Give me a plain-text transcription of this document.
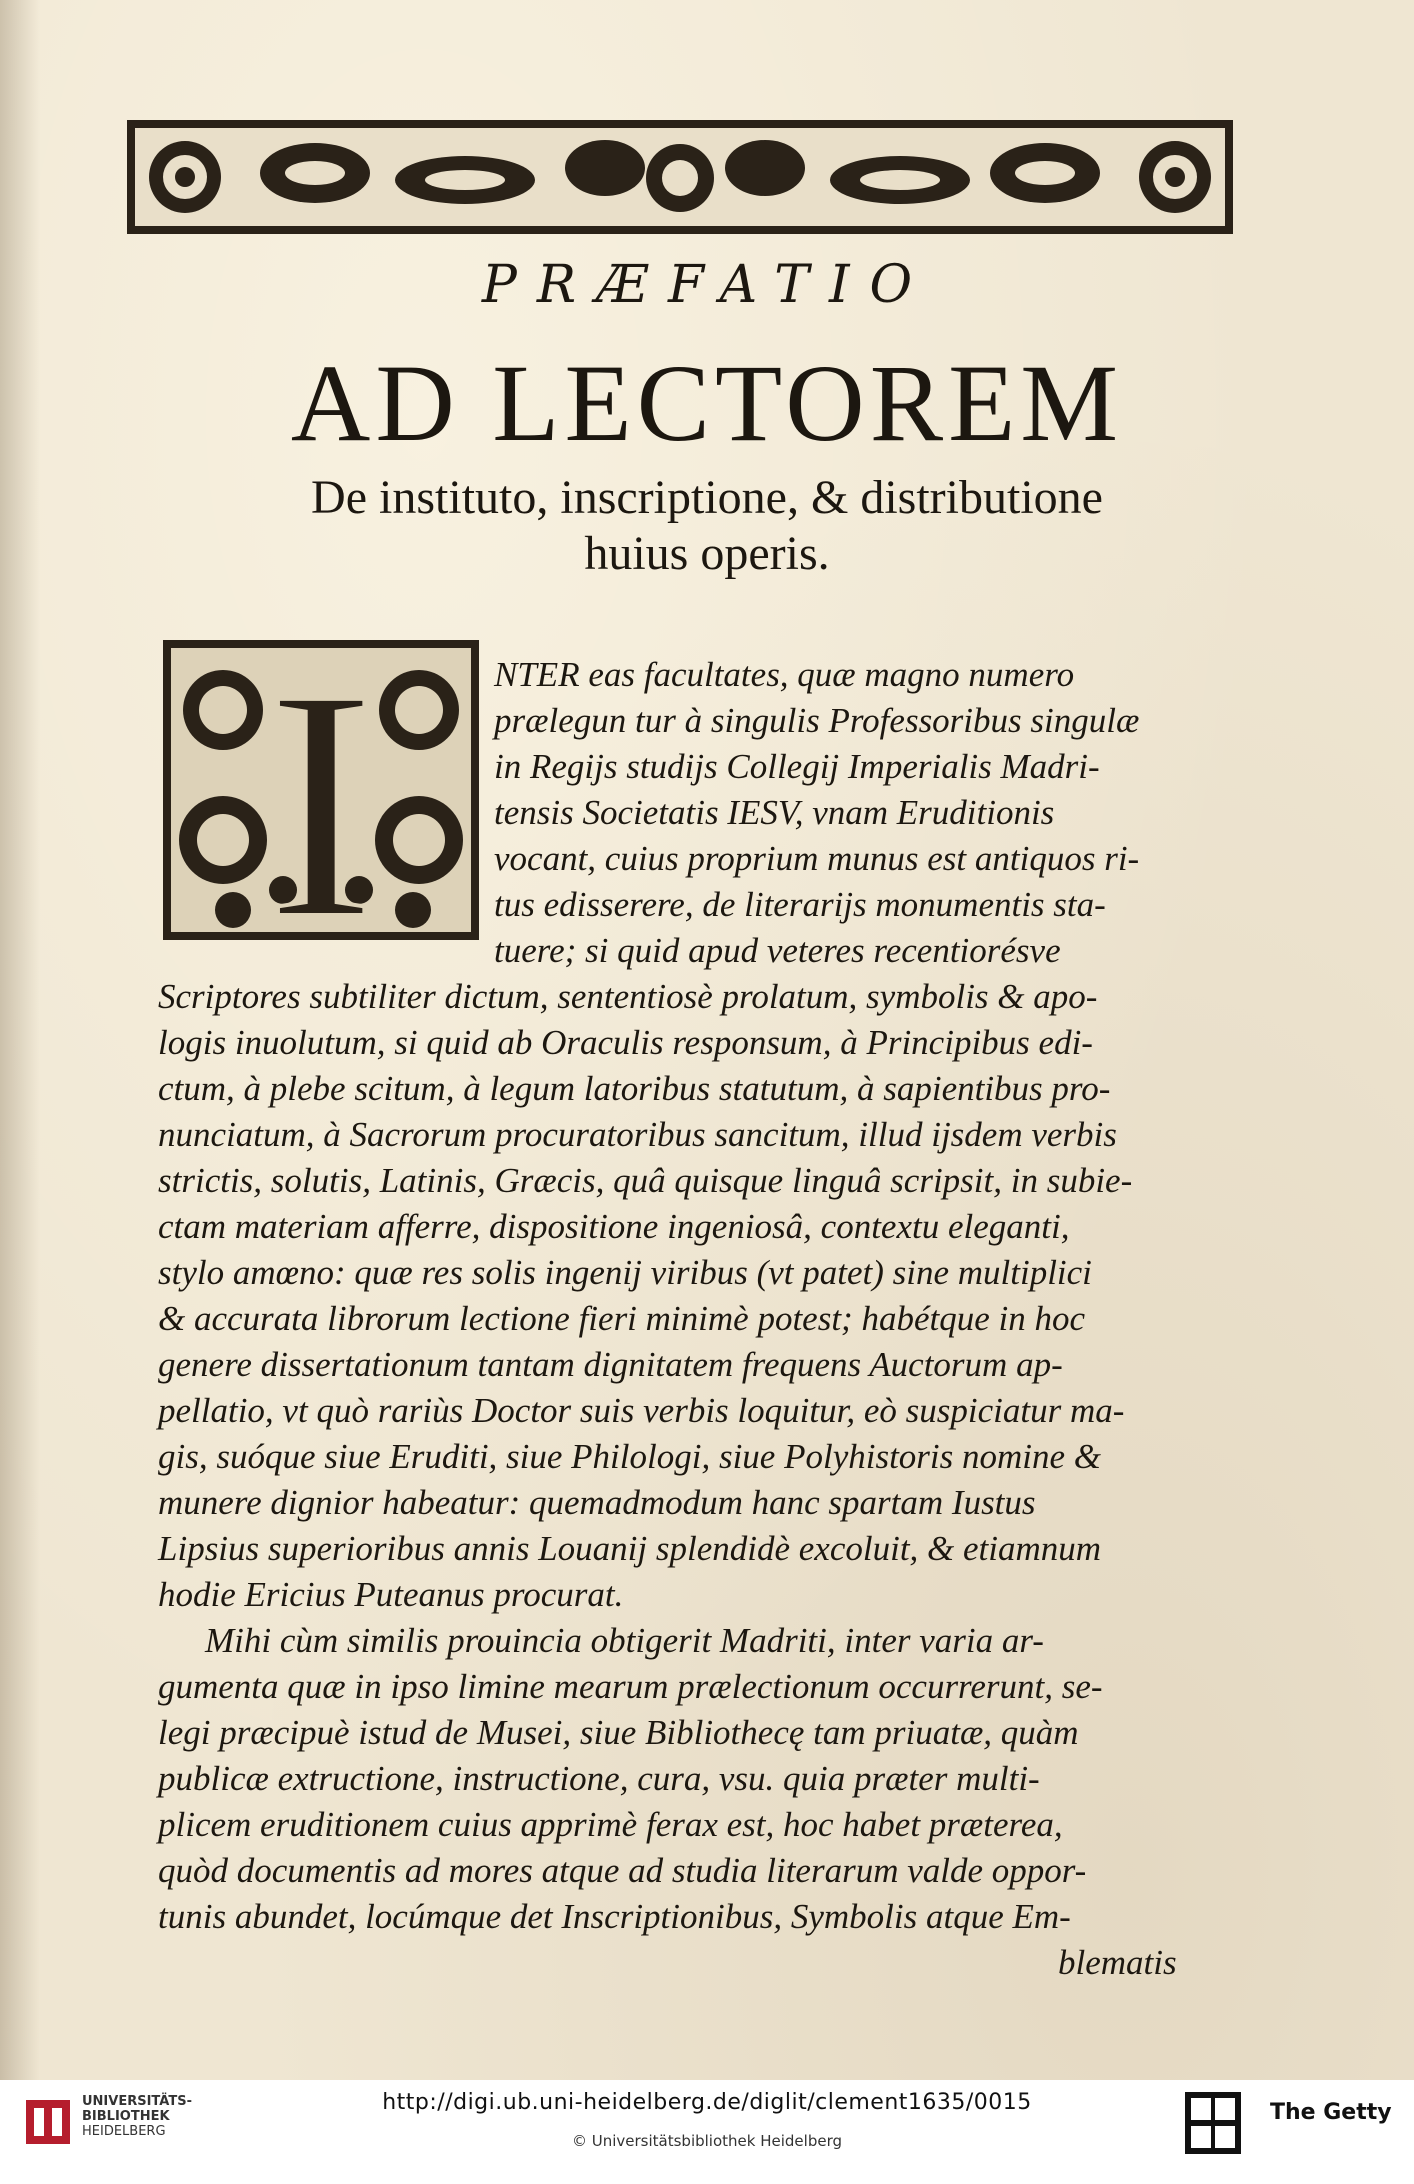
PRÆFATIO
AD LECTOREM
De instituto, inscriptione, & distributione
huius operis.
I	NTER eas facultates, quæ magno numero
prælegun tur à singulis Professoribus singulæ
in Regijs studijs Collegij Imperialis Madri-
tensis Societatis IESV, vnam Eruditionis
vocant, cuius proprium munus est antiquos ri-
tus edisserere, de literarijs monumentis sta-
tuere; si quid apud veteres recentiorésve
Scriptores subtiliter dictum, sententiosè prolatum, symbolis & apo-
logis inuolutum, si quid ab Oraculis responsum, à Principibus edi-
ctum, à plebe scitum, à legum latoribus statutum, à sapientibus pro-
nunciatum, à Sacrorum procuratoribus sancitum, illud ijsdem verbis
strictis, solutis, Latinis, Græcis, quâ quisque linguâ scripsit, in subie-
ctam materiam afferre, dispositione ingeniosâ, contextu eleganti,
stylo amœno: quæ res solis ingenij viribus (vt patet) sine multiplici
& accurata librorum lectione fieri minimè potest; habétque in hoc
genere dissertationum tantam dignitatem frequens Auctorum ap-
pellatio, vt quò rariùs Doctor suis verbis loquitur, eò suspiciatur ma-
gis, suóque siue Eruditi, siue Philologi, siue Polyhistoris nomine &
munere dignior habeatur: quemadmodum hanc spartam Iustus
Lipsius superioribus annis Louanij splendidè excoluit, & etiamnum
hodie Ericius Puteanus procurat.
Mihi cùm similis prouincia obtigerit Madriti, inter varia ar-
gumenta quæ in ipso limine mearum prælectionum occurrerunt, se-
legi præcipuè istud de Musei, siue Bibliothecę tam priuatæ, quàm
publicæ extructione, instructione, cura, vsu. quia præter multi-
plicem eruditionem cuius apprimè ferax est, hoc habet præterea,
quòd documentis ad mores atque ad studia literarum valde oppor-
tunis abundet, locúmque det Inscriptionibus, Symbolis atque Em-
blematis
UNIVERSITÄTS-
BIBLIOTHEK
HEIDELBERG
http://digi.ub.uni-heidelberg.de/diglit/clement1635/0015
© Universitätsbibliothek Heidelberg
The Getty
